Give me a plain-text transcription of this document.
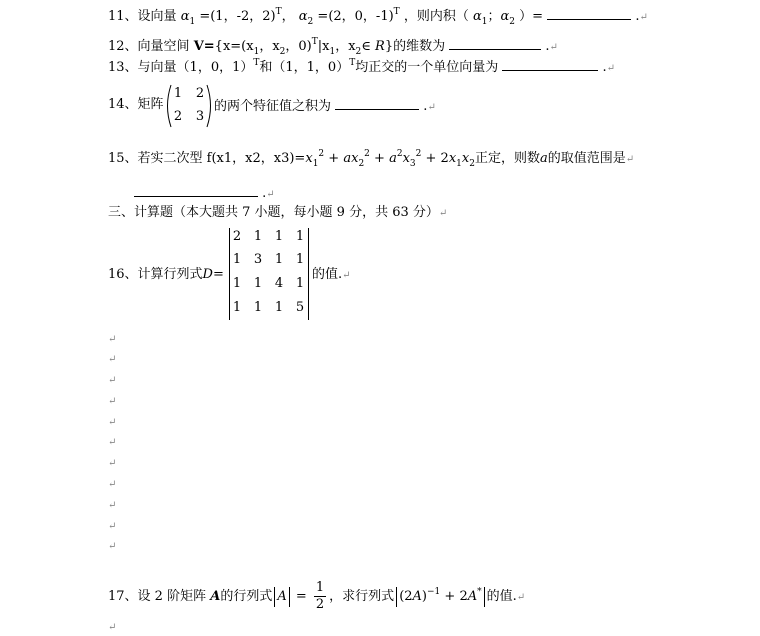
11、设向量 $\alpha_1 =(1$，-2，2)$^T$， $\alpha_2 =(2$，0，-1)$^T$ ，则内积（ $\alpha_1$；$\alpha_2$ ）=	.↵
12、向量空间 $V=\{x=(x_1$，$x_2$，$0)^T|x_1$，$x_2\in$ R}的维数为	.↵
13、与向量（1，0，1）$^T$和（1，1，0）$^T$均正交的一个单位向量为	.↵
14、矩阵
1 2
2 3
的两个特征值之积为	.↵
15、若实二次型 f(x1，x2，$x3)=x_1^2 + ax_2^2 + a^2x_3^2 + 2x_1x_2$正定，则数a的取值范围是↵
.↵
三、计算题（本大题共 7 小题，每小题 9 分，共 63 分）↵
16、计算行列式D=
2 1 1 1
1 3 1 1
1 1 4 1
1 1 1 5
的值.↵
↵
↵
↵
↵
↵
↵
↵
↵
↵
↵
↵
17、设 2 阶矩阵 A的行列式 $A = \frac{1}{2}$ ，求行列式 $(2A)^{-1} + 2A^*$ 的值.↵
↵
